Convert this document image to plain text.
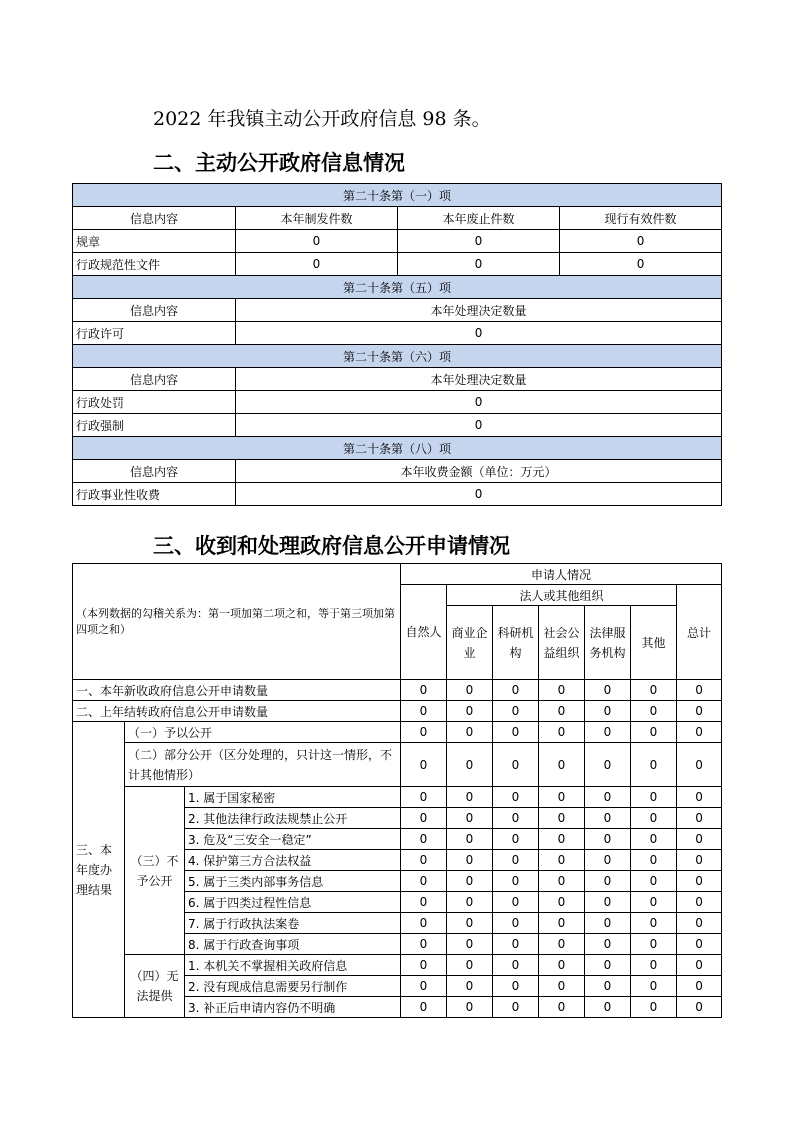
2022 年我镇主动公开政府信息 98 条。
二、主动公开政府信息情况
第二十条第（一）项			
信息内容	本年制发件数	本年废止件数	现行有效件数
规章	0	0	0
行政规范性文件	0	0	0
第二十条第（五）项			
信息内容	本年处理决定数量		
行政许可	0		
第二十条第（六）项			
信息内容	本年处理决定数量		
行政处罚	0		
行政强制	0		
第二十条第（八）项			
信息内容	本年收费金额（单位：万元）		
行政事业性收费	0		
三、收到和处理政府信息公开申请情况
（本列数据的勾稽关系为：第一项加第二项之和，等于第三项加第四项之和）			申请人情况						
			自然人	法人或其他组织					总计
				商业企业	科研机构	社会公益组织	法律服务机构	其他	
一、本年新收政府信息公开申请数量			0	0	0	0	0	0	0
二、上年结转政府信息公开申请数量			0	0	0	0	0	0	0
三、本年度办理结果	（一）予以公开		0	0	0	0	0	0	0
	（二）部分公开（区分处理的，只计这一情形，不计其他情形）		0	0	0	0	0	0	0
	（三）不予公开	1. 属于国家秘密	0	0	0	0	0	0	0
		2. 其他法律行政法规禁止公开	0	0	0	0	0	0	0
		3. 危及“三安全一稳定”	0	0	0	0	0	0	0
		4. 保护第三方合法权益	0	0	0	0	0	0	0
		5. 属于三类内部事务信息	0	0	0	0	0	0	0
		6. 属于四类过程性信息	0	0	0	0	0	0	0
		7. 属于行政执法案卷	0	0	0	0	0	0	0
		8. 属于行政查询事项	0	0	0	0	0	0	0
	（四）无法提供	1. 本机关不掌握相关政府信息	0	0	0	0	0	0	0
		2. 没有现成信息需要另行制作	0	0	0	0	0	0	0
		3. 补正后申请内容仍不明确	0	0	0	0	0	0	0
